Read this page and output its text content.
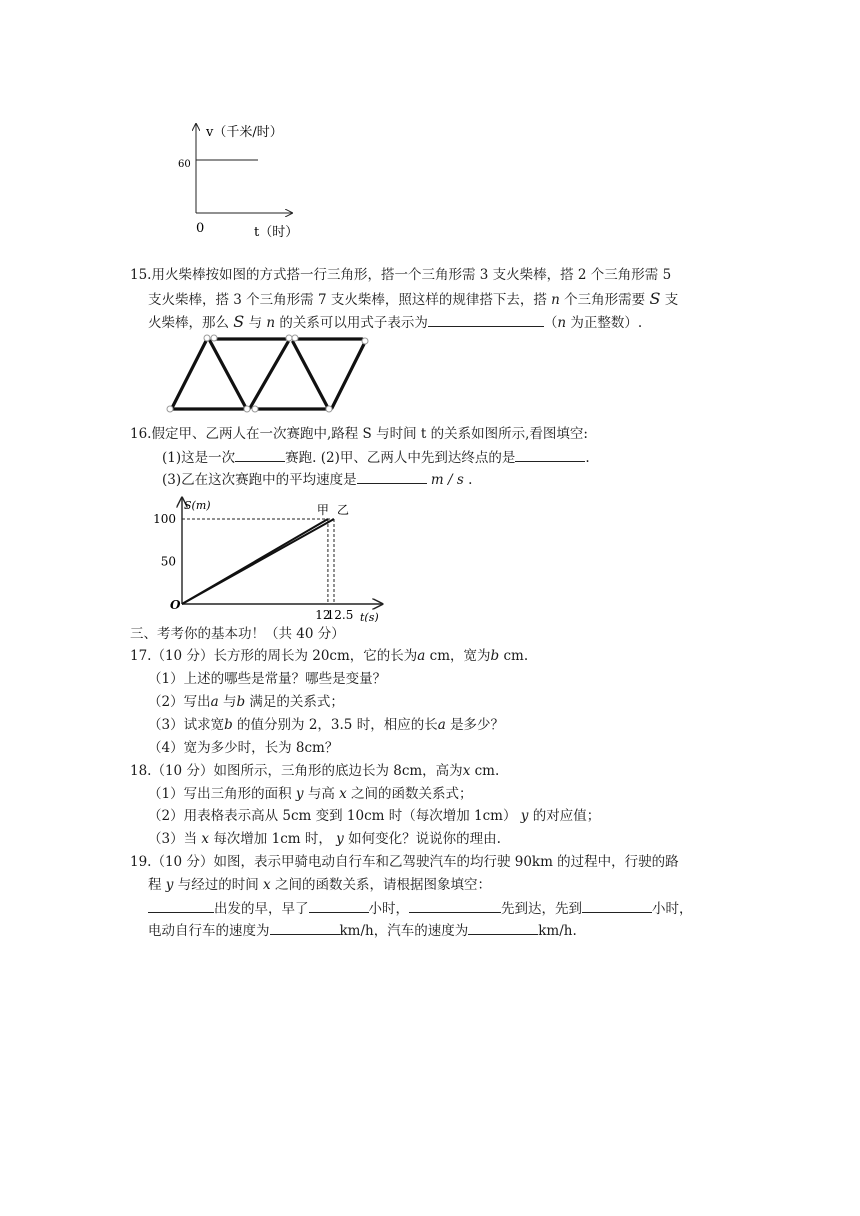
v（千米/时）
60
0	t（时）
15.用火柴棒按如图的方式搭一行三角形，搭一个三角形需 3 支火柴棒，搭 2 个三角形需 5
支火柴棒，搭 3 个三角形需 7 支火柴棒，照这样的规律搭下去，搭 n 个三角形需要 S 支
火柴棒，那么 S 与 n 的关系可以用式子表示为	（n 为正整数）.
16.假定甲、乙两人在一次赛跑中,路程 S 与时间 t 的关系如图所示,看图填空:
(1)这是一次	赛跑. (2)甲、乙两人中先到达终点的是	.
(3)乙在这次赛跑中的平均速度是	m / s .
甲 乙
S(m)
t(s)
O
50
100
12
12.5
三、考考你的基本功！（共 40 分）
17.（10 分）长方形的周长为 20cm，它的长为a cm，宽为b cm.
（1）上述的哪些是常量？哪些是变量？
（2）写出a 与b 满足的关系式；
（3）试求宽b 的值分别为 2，3.5 时，相应的长a 是多少？
（4）宽为多少时，长为 8cm？
18.（10 分）如图所示，三角形的底边长为 8cm，高为x cm.
（1）写出三角形的面积 y 与高 x 之间的函数关系式；
（2）用表格表示高从 5cm 变到 10cm 时（每次增加 1cm） y 的对应值；
（3）当 x 每次增加 1cm 时， y 如何变化？说说你的理由.
19.（10 分）如图，表示甲骑电动自行车和乙驾驶汽车的均行驶 90km 的过程中，行驶的路
程 y 与经过的时间 x 之间的函数关系，请根据图象填空：
出发的早，早了	小时，	先到达，先到	小时，
电动自行车的速度为	km/h，汽车的速度为	km/h.
